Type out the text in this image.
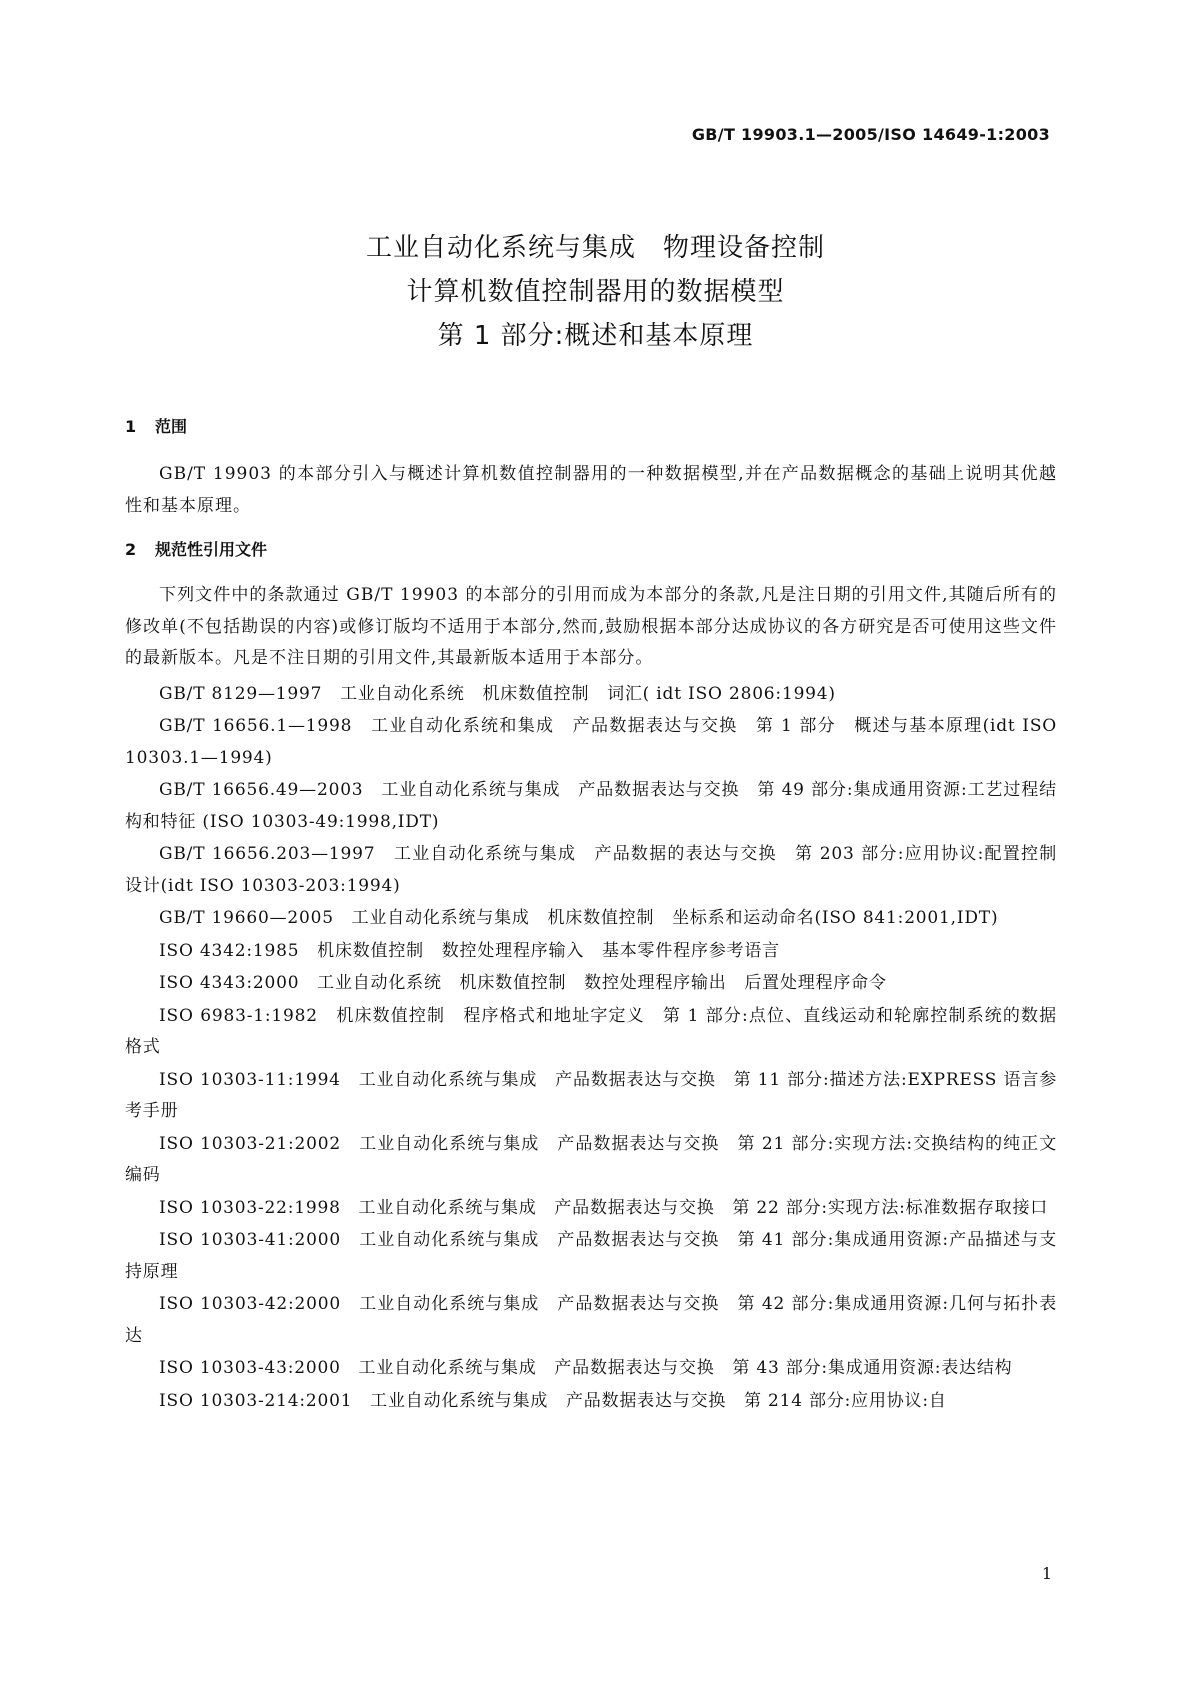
GB/T 19903.1—2005/ISO 14649-1:2003
工业自动化系统与集成　物理设备控制
计算机数值控制器用的数据模型
第 1 部分:概述和基本原理
1 范围

GB/T 19903 的本部分引入与概述计算机数值控制器用的一种数据模型,并在产品数据概念的基础上说明其优越性和基本原理。

2 规范性引用文件

下列文件中的条款通过 GB/T 19903 的本部分的引用而成为本部分的条款,凡是注日期的引用文件,其随后所有的修改单(不包括勘误的内容)或修订版均不适用于本部分,然而,鼓励根据本部分达成协议的各方研究是否可使用这些文件的最新版本。凡是不注日期的引用文件,其最新版本适用于本部分。

GB/T 8129—1997　工业自动化系统　机床数值控制　词汇( idt ISO 2806:1994)

GB/T 16656.1—1998　工业自动化系统和集成　产品数据表达与交换　第 1 部分　概述与基本原理(idt ISO 10303.1—1994)

GB/T 16656.49—2003　工业自动化系统与集成　产品数据表达与交换　第 49 部分:集成通用资源:工艺过程结构和特征 (ISO 10303-49:1998,IDT)

GB/T 16656.203—1997　工业自动化系统与集成　产品数据的表达与交换　第 203 部分:应用协议:配置控制设计(idt ISO 10303-203:1994)

GB/T 19660—2005　工业自动化系统与集成　机床数值控制　坐标系和运动命名(ISO 841:2001,IDT)

ISO 4342:1985　机床数值控制　数控处理程序输入　基本零件程序参考语言

ISO 4343:2000　工业自动化系统　机床数值控制　数控处理程序输出　后置处理程序命令

ISO 6983-1:1982　机床数值控制　程序格式和地址字定义　第 1 部分:点位、直线运动和轮廓控制系统的数据格式

ISO 10303-11:1994　工业自动化系统与集成　产品数据表达与交换　第 11 部分:描述方法:EXPRESS 语言参考手册

ISO 10303-21:2002　工业自动化系统与集成　产品数据表达与交换　第 21 部分:实现方法:交换结构的纯正文编码

ISO 10303-22:1998　工业自动化系统与集成　产品数据表达与交换　第 22 部分:实现方法:标准数据存取接口

ISO 10303-41:2000　工业自动化系统与集成　产品数据表达与交换　第 41 部分:集成通用资源:产品描述与支持原理

ISO 10303-42:2000　工业自动化系统与集成　产品数据表达与交换　第 42 部分:集成通用资源:几何与拓扑表达

ISO 10303-43:2000　工业自动化系统与集成　产品数据表达与交换　第 43 部分:集成通用资源:表达结构

ISO 10303-214:2001　工业自动化系统与集成　产品数据表达与交换　第 214 部分:应用协议:自

1
